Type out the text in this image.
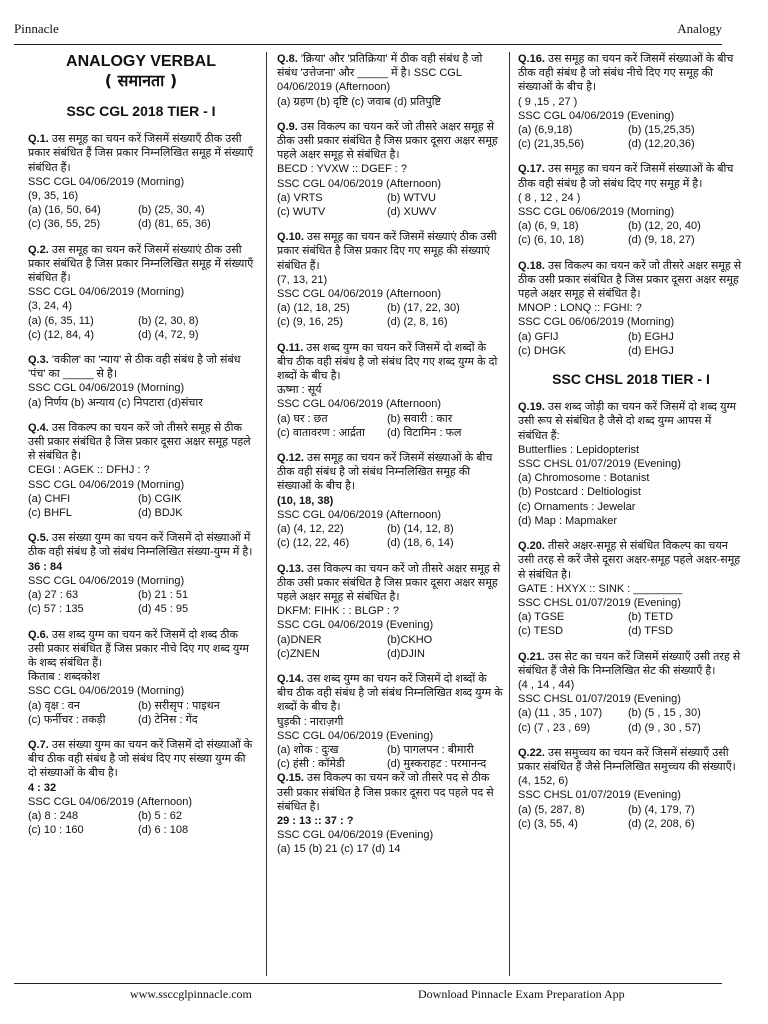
Pinnacle	Analogy
ANALOGY VERBAL
( समानता )
SSC CGL 2018 TIER - I

Q.1. उस समूह का चयन करें जिसमें संख्याएँ ठीक उसी प्रकार संबंधित हैं जिस प्रकार निम्नलिखित समूह में संख्याएँ संबंधित हैं।

SSC CGL 04/06/2019 (Morning)

(9, 35, 16)

(a) (16, 50, 64)	(b) (25, 30, 4)
(c) (36, 55, 25)	(d) (81, 65, 36)

Q.2. उस समूह का चयन करें जिसमें संख्याएं ठीक उसी प्रकार संबंधित है जिस प्रकार निम्नलिखित समूह में संख्याएँ संबंधित हैं।

SSC CGL 04/06/2019 (Morning)

(3, 24, 4)

(a) (6, 35, 11)	(b) (2, 30, 8)
(c) (12, 84, 4)	(d) (4, 72, 9)

Q.3. 'वकील' का 'न्याय' से ठीक वही संबंध है जो संबंध 'पंच' का _____ से है।

SSC CGL 04/06/2019 (Morning)

(a) निर्णय (b) अन्याय (c) निपटारा (d)संचार

Q.4. उस विकल्प का चयन करें जो तीसरे समूह से ठीक उसी प्रकार संबंधित है जिस प्रकार दूसरा अक्षर समूह पहले से संबंधित है।

CEGI : AGEK :: DFHJ : ?

SSC CGL 04/06/2019 (Morning)

(a) CHFI	(b) CGIK
(c) BHFL	(d) BDJK

Q.5. उस संख्या युग्म का चयन करें जिसमें दो संख्याओं में ठीक वही संबंध है जो संबंध निम्नलिखित संख्या-युग्म में है।

36 : 84

SSC CGL 04/06/2019 (Morning)

(a) 27 : 63	(b) 21 : 51
(c) 57 : 135	(d) 45 : 95

Q.6. उस शब्द युग्म का चयन करें जिसमें दो शब्द ठीक उसी प्रकार संबंधित हैं जिस प्रकार नीचे दिए गए शब्द युग्म के शब्द संबंधित हैं।

किताब : शब्दकोश

SSC CGL 04/06/2019 (Morning)

(a) वृक्ष : वन	(b) सरीसृप : पाइथन
(c) फर्नीचर : तकड़ी	(d) टेनिस : गेंद

Q.7. उस संख्या युग्म का चयन करें जिसमें दो संख्याओं के बीच ठीक वही संबंध है जो संबंध दिए गए संख्या युग्म की दो संख्याओं के बीच है।

4 : 32

SSC CGL 04/06/2019 (Afternoon)

(a) 8 : 248	(b) 5 : 62
(c) 10 : 160	(d) 6 : 108

Q.8. 'क्रिया' और 'प्रतिक्रिया' में ठीक वही संबंध है जो संबंध 'उत्तेजना' और _____ में है। SSC CGL 04/06/2019 (Afternoon)

(a) ग्रहण (b) दृष्टि (c) जवाब (d) प्रतिपुष्टि

Q.9. उस विकल्प का चयन करें जो तीसरे अक्षर समूह से ठीक उसी प्रकार संबंधित है जिस प्रकार दूसरा अक्षर समूह पहले अक्षर समूह से संबंधित है।

BECD : YVXW :: DGEF : ?

SSC CGL 04/06/2019 (Afternoon)

(a) VRTS	(b) WTVU
(c) WUTV	(d) XUWV

Q.10. उस समूह का चयन करें जिसमें संख्याएं ठीक उसी प्रकार संबंधित है जिस प्रकार दिए गए समूह की संख्याएं संबंधित हैं।

(7, 13, 21)

SSC CGL 04/06/2019 (Afternoon)

(a) (12, 18, 25)	(b) (17, 22, 30)
(c) (9, 16, 25)	(d) (2, 8, 16)

Q.11. उस शब्द युग्म का चयन करें जिसमें दो शब्दों के बीच ठीक वही संबंध है जो संबंध दिए गए शब्द युग्म के दो शब्दों के बीच है।

ऊष्मा : सूर्य

SSC CGL 04/06/2019 (Afternoon)

(a) घर : छत	(b) सवारी : कार
(c) वातावरण : आर्द्रता	(d) विटामिन : फल

Q.12. उस समूह का चयन करें जिसमें संख्याओं के बीच ठीक वही संबंध है जो संबंध निम्नलिखित समूह की संख्याओं के बीच है।

(10, 18, 38)

SSC CGL 04/06/2019 (Afternoon)

(a) (4, 12, 22)	(b) (14, 12, 8)
(c) (12, 22, 46)	(d) (18, 6, 14)

Q.13. उस विकल्प का चयन करें जो तीसरे अक्षर समूह से ठीक उसी प्रकार संबंधित है जिस प्रकार दूसरा अक्षर समूह पहले अक्षर समूह से संबंधित है।

DKFM: FIHK : : BLGP : ?

SSC CGL 04/06/2019 (Evening)

(a)DNER	(b)CKHO
(c)ZNEN	(d)DJIN

Q.14. उस शब्द युग्म का चयन करें जिसमें दो शब्दों के बीच ठीक वही संबंध है जो संबंध निम्नलिखित शब्द युग्म के शब्दों के बीच है।

घुड़की : नाराज़गी

SSC CGL 04/06/2019 (Evening)

(a) शोक : दुःख	(b) पागलपन : बीमारी
(c) हंसी : कॉमेडी	(d) मुस्कराहट : परमानन्द

Q.15. उस विकल्प का चयन करें जो तीसरे पद से ठीक उसी प्रकार संबंधित है जिस प्रकार दूसरा पद पहले पद से संबंधित है।

29 : 13 :: 37 : ?

SSC CGL 04/06/2019 (Evening)

(a) 15 (b) 21 (c) 17 (d) 14

Q.16. उस समूह का चयन करें जिसमें संख्याओं के बीच ठीक वही संबंध है जो संबंध नीचे दिए गए समूह की संख्याओं के बीच है।

( 9 ,15 , 27 )

SSC CGL 04/06/2019 (Evening)

(a) (6,9,18)	(b) (15,25,35)
(c) (21,35,56)	(d) (12,20,36)

Q.17. उस समूह का चयन करें जिसमें संख्याओं के बीच ठीक वही संबंध है जो संबंध दिए गए समूह में है।

( 8 , 12 , 24 )

SSC CGL 06/06/2019 (Morning)

(a) (6, 9, 18)	(b) (12, 20, 40)
(c) (6, 10, 18)	(d) (9, 18, 27)

Q.18. उस विकल्प का चयन करें जो तीसरे अक्षर समूह से ठीक उसी प्रकार संबंधित है जिस प्रकार दूसरा अक्षर समूह पहले अक्षर समूह से संबंधित है।

MNOP : LONQ :: FGHI: ?

SSC CGL 06/06/2019 (Morning)

(a) GFIJ	(b) EGHJ
(c) DHGK	(d) EHGJ
SSC CHSL 2018 TIER - I

Q.19. उस शब्द जोड़ी का चयन करें जिसमें दो शब्द युग्म उसी रूप से संबंधित है जैसे दो शब्द युग्म आपस में संबंधित हैं:

Butterflies : Lepidopterist

SSC CHSL 01/07/2019 (Evening)

(a) Chromosome : Botanist
(b) Postcard : Deltiologist
(c) Ornaments : Jewelar
(d) Map : Mapmaker

Q.20. तीसरे अक्षर-समूह से संबंधित विकल्प का चयन उसी तरह से करें जैसे दूसरा अक्षर-समूह पहले अक्षर-समूह से संबंधित है।

GATE : HXYX :: SINK : ________

SSC CHSL 01/07/2019 (Evening)

(a) TGSE	(b) TETD
(c) TESD	(d) TFSD

Q.21. उस सेट का चयन करें जिसमें संख्याएँ उसी तरह से संबंधित हैं जैसे कि निम्नलिखित सेट की संख्याएँ है।

(4 , 14 , 44)

SSC CHSL 01/07/2019 (Evening)

(a) (11 , 35 , 107)	(b) (5 , 15 , 30)
(c) (7 , 23 , 69)	(d) (9 , 30 , 57)

Q.22. उस समुच्चय का चयन करें जिसमें संख्याएँ उसी प्रकार संबंधित हैं जैसे निम्नलिखित समुच्चय की संख्याएँ।

(4, 152, 6)

SSC CHSL 01/07/2019 (Evening)

(a) (5, 287, 8)	(b) (4, 179, 7)
(c) (3, 55, 4)	(d) (2, 208, 6)
www.ssccglpinnacle.com	Download Pinnacle Exam Preparation App
